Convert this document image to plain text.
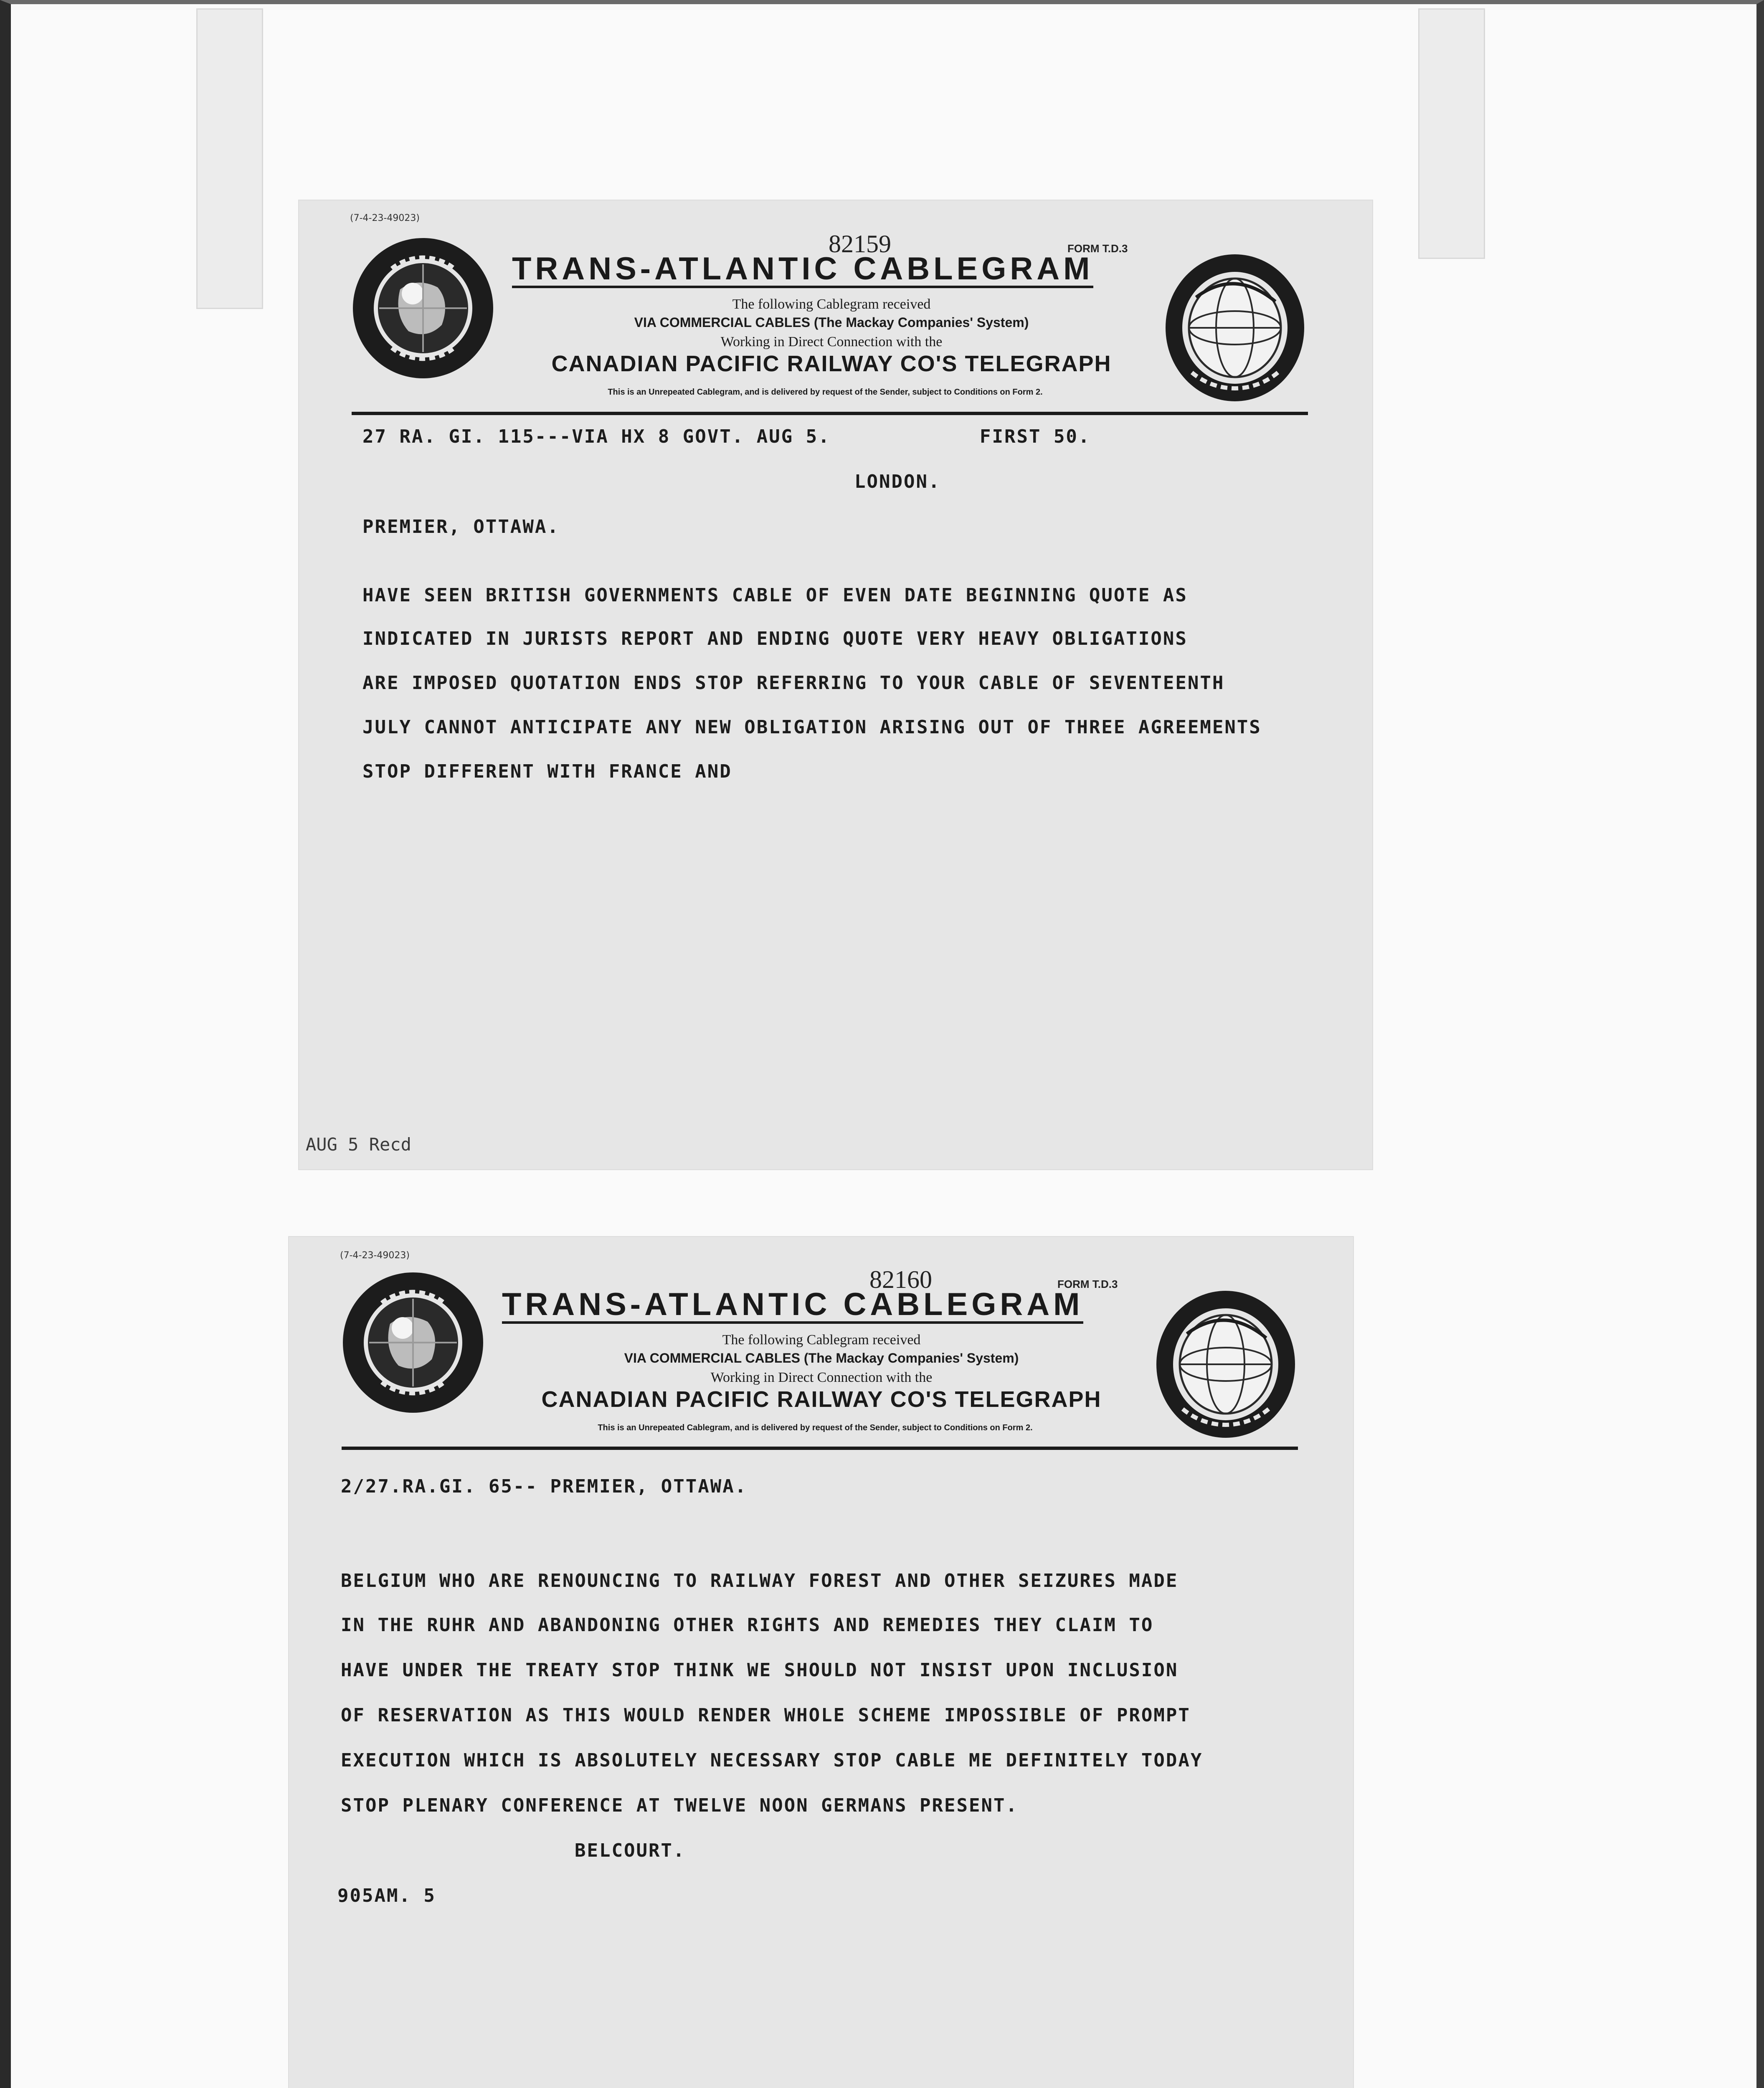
(7-4-23-49023)
82159	FORM T.D.3
TRANS-ATLANTIC CABLEGRAM
The following Cablegram received
VIA COMMERCIAL CABLES (The Mackay Companies' System)
Working in Direct Connection with the
CANADIAN PACIFIC RAILWAY CO'S TELEGRAPH
This is an Unrepeated Cablegram, and is delivered by request of the Sender, subject to Conditions on Form 2.
27 RA. GI. 115---VIA HX 8 GOVT. AUG 5.	FIRST 50.
LONDON.
PREMIER, OTTAWA.
HAVE SEEN BRITISH GOVERNMENTS CABLE OF EVEN DATE BEGINNING QUOTE AS
INDICATED IN JURISTS REPORT AND ENDING QUOTE VERY HEAVY OBLIGATIONS
ARE IMPOSED QUOTATION ENDS STOP REFERRING TO YOUR CABLE OF SEVENTEENTH
JULY CANNOT ANTICIPATE ANY NEW OBLIGATION ARISING OUT OF THREE AGREEMENTS
STOP DIFFERENT WITH FRANCE AND
AUG 5 Recd
(7-4-23-49023)
82160	FORM T.D.3
TRANS-ATLANTIC CABLEGRAM
The following Cablegram received
VIA COMMERCIAL CABLES (The Mackay Companies' System)
Working in Direct Connection with the
CANADIAN PACIFIC RAILWAY CO'S TELEGRAPH
This is an Unrepeated Cablegram, and is delivered by request of the Sender, subject to Conditions on Form 2.
2/27.RA.GI. 65-- PREMIER, OTTAWA.
BELGIUM WHO ARE RENOUNCING TO RAILWAY FOREST AND OTHER SEIZURES MADE
IN THE RUHR AND ABANDONING OTHER RIGHTS AND REMEDIES THEY CLAIM TO
HAVE UNDER THE TREATY STOP THINK WE SHOULD NOT INSIST UPON INCLUSION
OF RESERVATION AS THIS WOULD RENDER WHOLE SCHEME IMPOSSIBLE OF PROMPT
EXECUTION WHICH IS ABSOLUTELY NECESSARY STOP CABLE ME DEFINITELY TODAY
STOP PLENARY CONFERENCE AT TWELVE NOON GERMANS PRESENT.
BELCOURT.
905AM. 5
